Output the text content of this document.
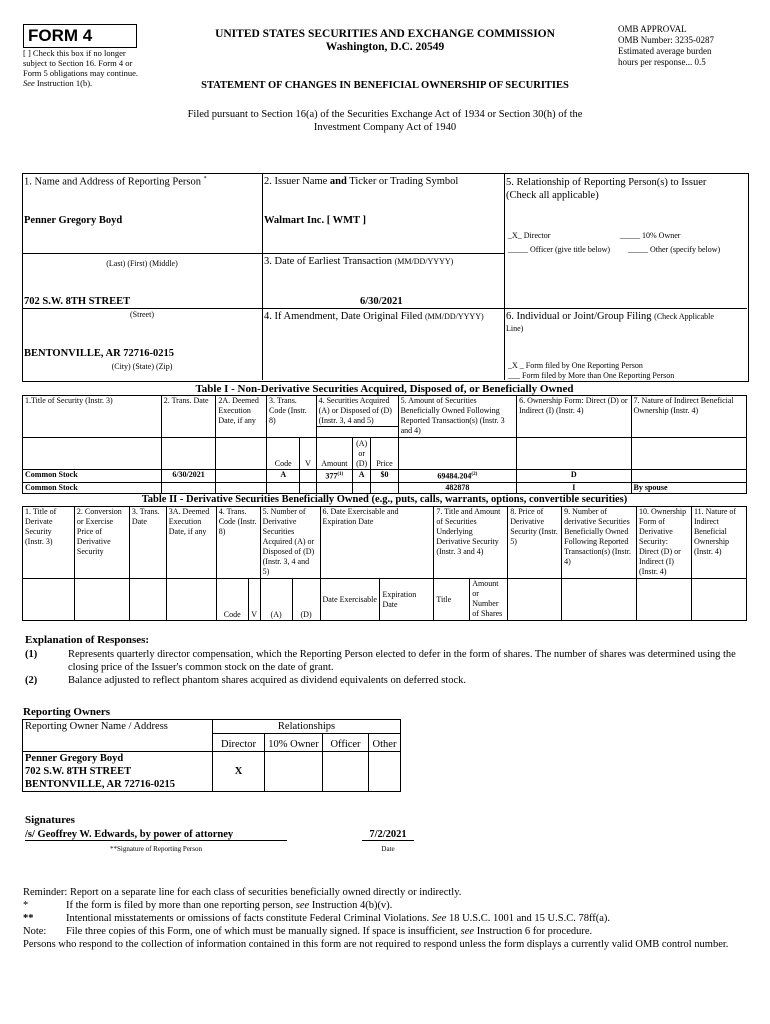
FORM 4
[ ] Check this box if no longer subject to Section 16. Form 4 or Form 5 obligations may continue. See Instruction 1(b).
UNITED STATES SECURITIES AND EXCHANGE COMMISSION
Washington, D.C. 20549
OMB APPROVAL
OMB Number: 3235-0287
Estimated average burden
hours per response... 0.5
STATEMENT OF CHANGES IN BENEFICIAL OWNERSHIP OF SECURITIES
Filed pursuant to Section 16(a) of the Securities Exchange Act of 1934 or Section 30(h) of the
Investment Company Act of 1940
1. Name and Address of Reporting Person *
Penner Gregory Boyd
(Last) (First) (Middle)
702 S.W. 8TH STREET
(Street)
BENTONVILLE, AR 72716-0215
(City) (State) (Zip)
2. Issuer Name and Ticker or Trading Symbol
Walmart Inc. [ WMT ]
3. Date of Earliest Transaction (MM/DD/YYYY)
6/30/2021
4. If Amendment, Date Original Filed (MM/DD/YYYY)
5. Relationship of Reporting Person(s) to Issuer
(Check all applicable)
_X_ Director	_____ 10% Owner
_____ Officer (give title below) _____ Other (specify below)
6. Individual or Joint/Group Filing (Check Applicable
Line)
_X _ Form filed by One Reporting Person
___ Form filed by More than One Reporting Person
Table I - Non-Derivative Securities Acquired, Disposed of, or Beneficially Owned
1.Title of Security (Instr. 3)	2. Trans. Date	2A. Deemed Execution Date, if any	3. Trans. Code (Instr. 8)		4. Securities Acquired (A) or Disposed of (D) (Instr. 3, 4 and 5)			5. Amount of Securities Beneficially Owned Following Reported Transaction(s) (Instr. 3 and 4)	6. Ownership Form: Direct (D) or Indirect (I) (Instr. 4)	7. Nature of Indirect Beneficial Ownership (Instr. 4)

			Code	V	Amount	(A) or (D)	Price			
Common Stock	6/30/2021		A		377$^{(1)}$	A	$0	69484.204$^{(2)}$	D	
Common Stock								482878	I	By spouse
Table II - Derivative Securities Beneficially Owned (e.g., puts, calls, warrants, options, convertible securities)
1. Title of Derivate Security (Instr. 3)	2. Conversion or Exercise Price of Derivative Security	3. Trans. Date	3A. Deemed Execution Date, if any	4. Trans. Code (Instr. 8)		5. Number of Derivative Securities Acquired (A) or Disposed of (D) (Instr. 3, 4 and 5)		6. Date Exercisable and Expiration Date		7. Title and Amount of Securities Underlying Derivative Security (Instr. 3 and 4)		8. Price of Derivative Security (Instr. 5)	9. Number of derivative Securities Beneficially Owned Following Reported Transaction(s) (Instr. 4)	10. Ownership Form of Derivative Security: Direct (D) or Indirect (I) (Instr. 4)	11. Nature of Indirect Beneficial Ownership (Instr. 4)
				Code	V	(A)	(D)	Date Exercisable	Expiration Date	Title	Amount or Number of Shares				
Explanation of Responses:
(1)	Represents quarterly director compensation, which the Reporting Person elected to defer in the form of shares. The number of shares was determined using the closing price of the Issuer's common stock on the date of grant.
(2)	Balance adjusted to reflect phantom shares acquired as dividend equivalents on deferred stock.
Reporting Owners
Reporting Owner Name / Address	Relationships			
	Director	10% Owner	Officer	Other

Penner Gregory Boyd
702 S.W. 8TH STREET
BENTONVILLE, AR 72716-0215	X			
Signatures
/s/ Geoffrey W. Edwards, by power of attorney	7/2/2021
**Signature of Reporting Person	Date
Reminder: Report on a separate line for each class of securities beneficially owned directly or indirectly.
*	If the form is filed by more than one reporting person, see Instruction 4(b)(v).
**	Intentional misstatements or omissions of facts constitute Federal Criminal Violations. See 18 U.S.C. 1001 and 15 U.S.C. 78ff(a).
Note:	File three copies of this Form, one of which must be manually signed. If space is insufficient, see Instruction 6 for procedure.
Persons who respond to the collection of information contained in this form are not required to respond unless the form displays a currently valid OMB control number.
